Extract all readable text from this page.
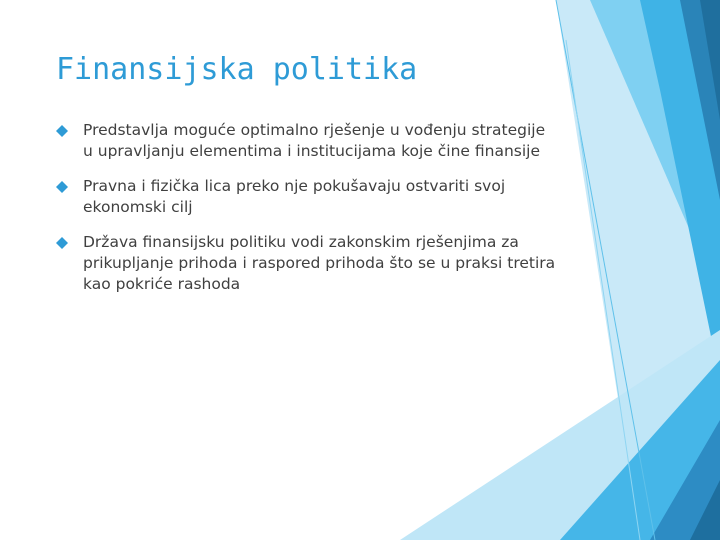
Finansijska politika
Predstavlja moguće optimalno rješenje u vođenju strategije u upravljanju elementima i institucijama koje čine finansije
Pravna i fizička lica preko nje pokušavaju ostvariti svoj ekonomski cilj
Država finansijsku politiku vodi zakonskim rješenjima za prikupljanje prihoda i raspored prihoda što se u praksi tretira kao pokriće rashoda
